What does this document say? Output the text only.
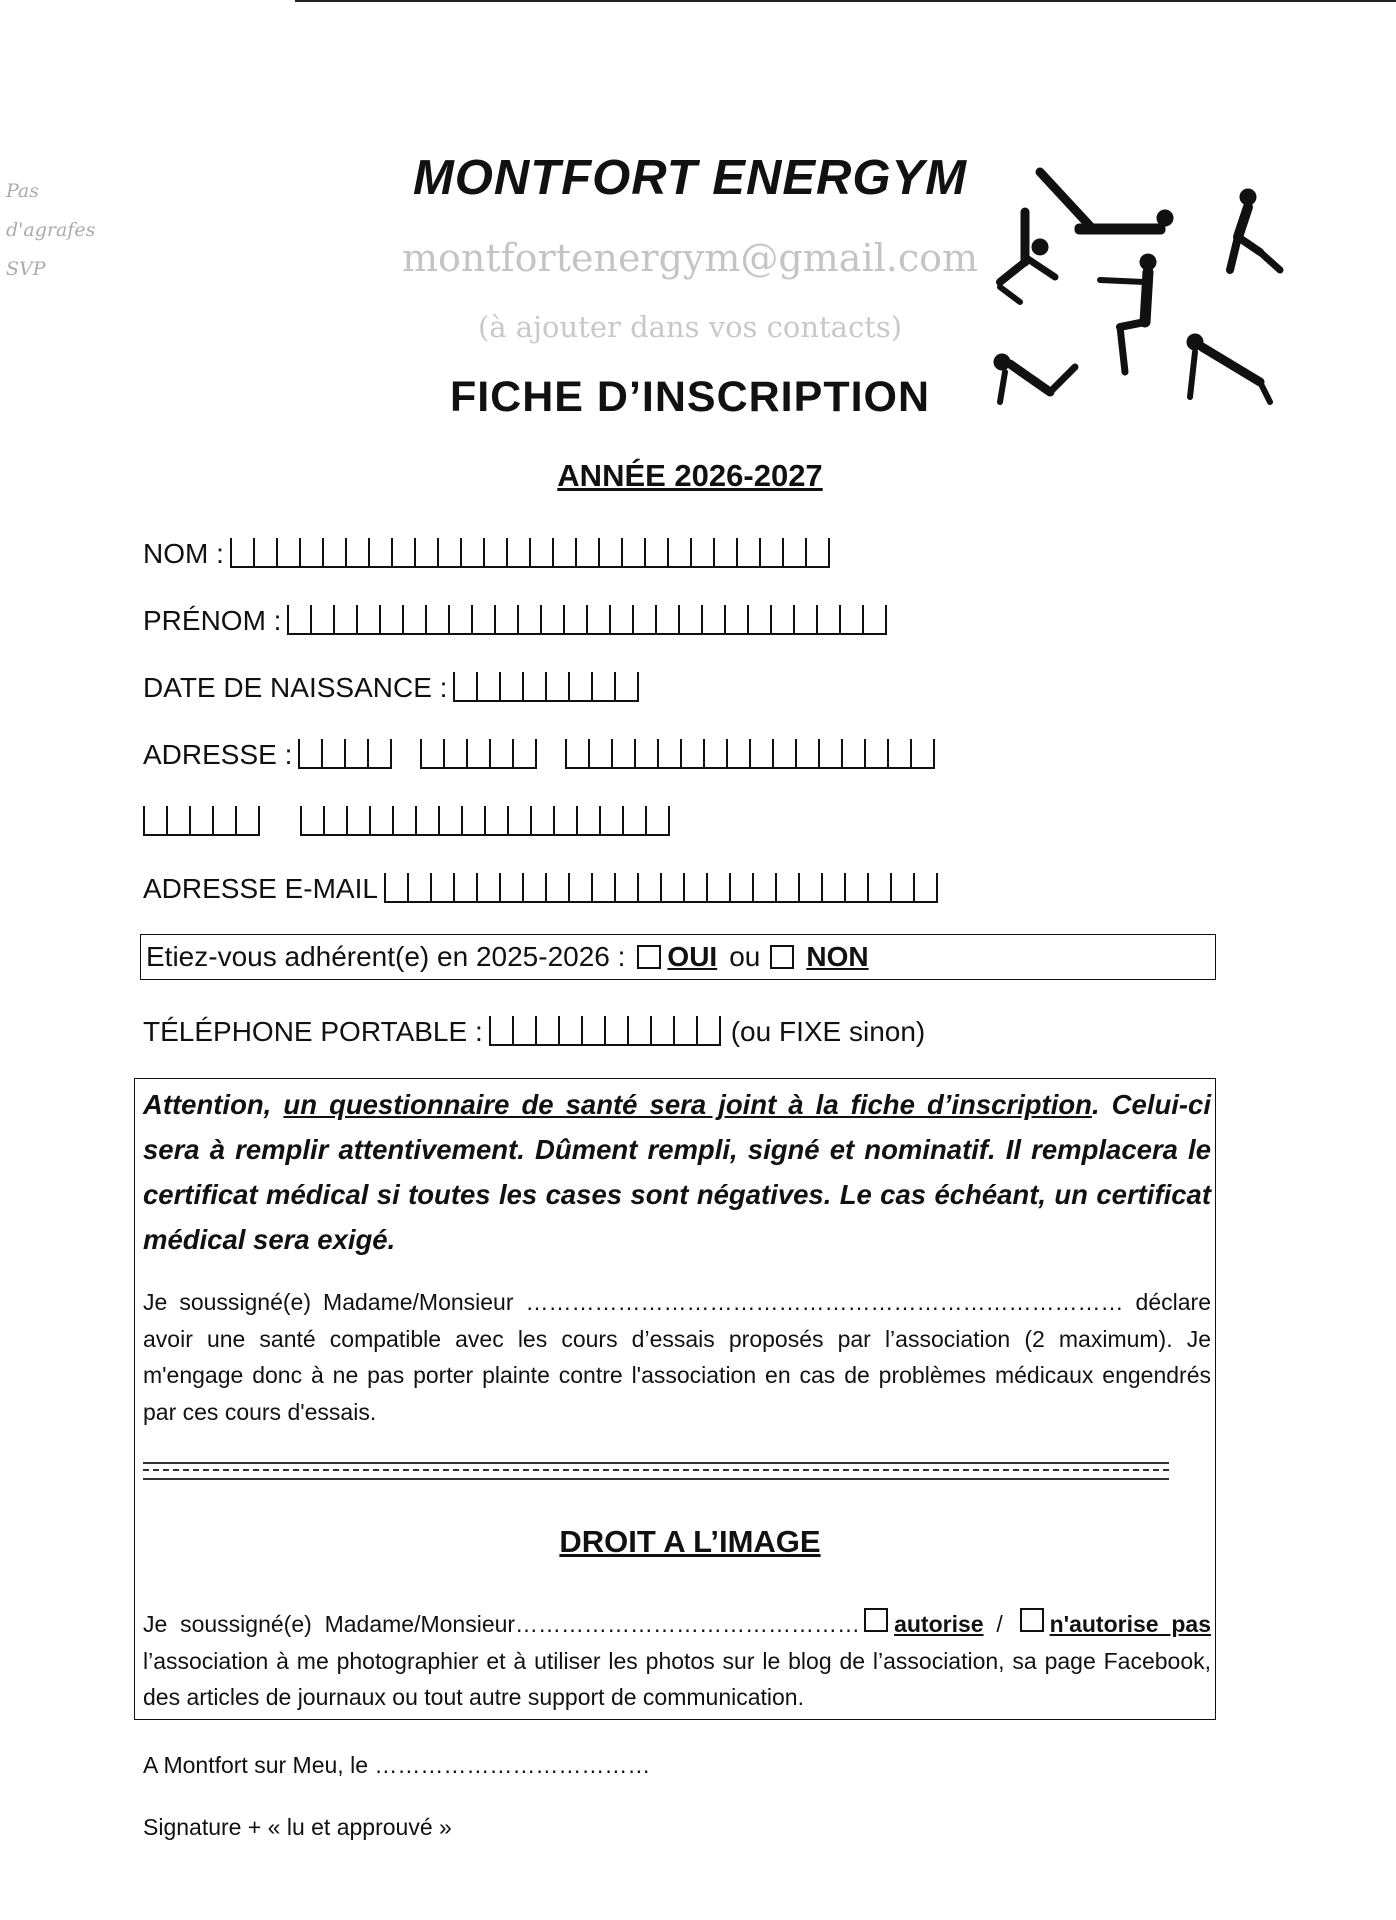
Pas
d'agrafes
SVP
MONTFORT ENERGYM
montfortenergym@gmail.com
(à ajouter dans vos contacts)
FICHE D’INSCRIPTION
ANNÉE 2026-2027
NOM :
PRÉNOM :
DATE DE NAISSANCE :
ADRESSE :
ADRESSE E-MAIL
Etiez-vous adhérent(e) en 2025-2026 : OUI ou NON
TÉLÉPHONE PORTABLE :	(ou FIXE sinon)
Attention, un questionnaire de santé sera joint à la fiche d’inscription. Celui-ci sera à remplir attentivement. Dûment rempli, signé et nominatif. Il remplacera le certificat médical si toutes les cases sont négatives. Le cas échéant, un certificat médical sera exigé.
Je soussigné(e) Madame/Monsieur …………………………………………………………………… déclare avoir une santé compatible avec les cours d’essais proposés par l’association (2 maximum). Je m'engage donc à ne pas porter plainte contre l'association en cas de problèmes médicaux engendrés par ces cours d'essais.
DROIT A L’IMAGE
Je soussigné(e) Madame/Monsieur……………………………………… autorise / n'autorise pas l’association à me photographier et à utiliser les photos sur le blog de l’association, sa page Facebook, des articles de journaux ou tout autre support de communication.
A Montfort sur Meu, le ………………………………
Signature + « lu et approuvé »
